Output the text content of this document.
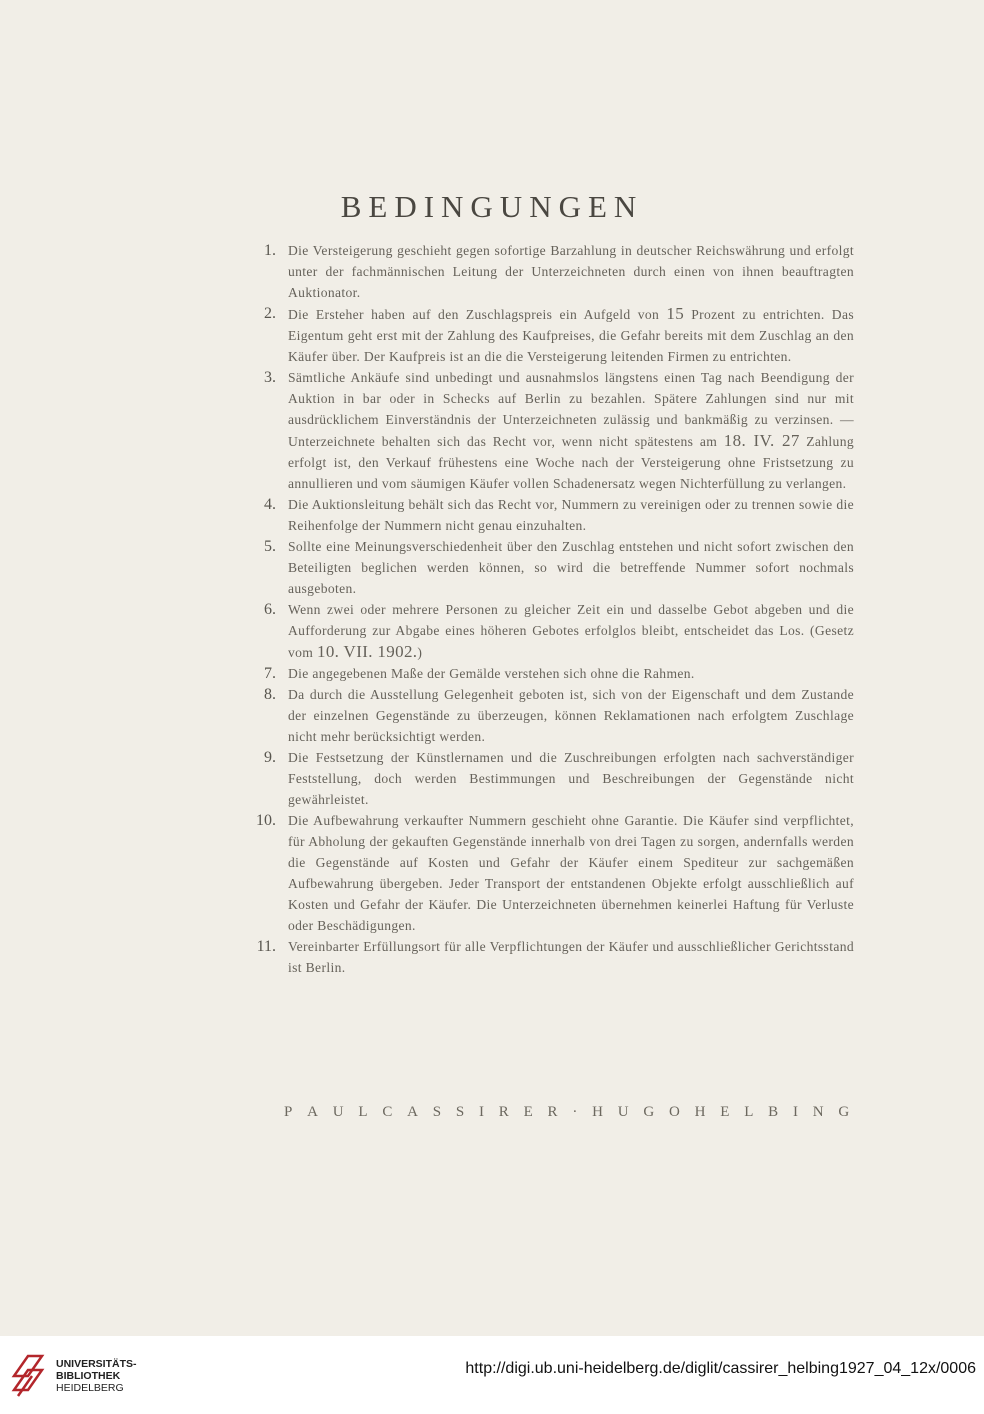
BEDINGUNGEN
1. Die Versteigerung geschieht gegen sofortige Barzahlung in deutscher Reichswährung und erfolgt unter der fachmännischen Leitung der Unterzeichneten durch einen von ihnen beauftragten Auktionator.
2. Die Ersteher haben auf den Zuschlagspreis ein Aufgeld von 15 Prozent zu entrichten. Das Eigentum geht erst mit der Zahlung des Kaufpreises, die Gefahr bereits mit dem Zuschlag an den Käufer über. Der Kaufpreis ist an die die Versteigerung leitenden Firmen zu entrichten.
3. Sämtliche Ankäufe sind unbedingt und ausnahmslos längstens einen Tag nach Beendigung der Auktion in bar oder in Schecks auf Berlin zu bezahlen. Spätere Zahlungen sind nur mit ausdrücklichem Einverständnis der Unterzeichneten zulässig und bankmäßig zu verzinsen. — Unterzeichnete behalten sich das Recht vor, wenn nicht spätestens am 18. IV. 27 Zahlung erfolgt ist, den Verkauf frühestens eine Woche nach der Versteigerung ohne Fristsetzung zu annullieren und vom säumigen Käufer vollen Schadenersatz wegen Nichterfüllung zu verlangen.
4. Die Auktionsleitung behält sich das Recht vor, Nummern zu vereinigen oder zu trennen sowie die Reihenfolge der Nummern nicht genau einzuhalten.
5. Sollte eine Meinungsverschiedenheit über den Zuschlag entstehen und nicht sofort zwischen den Beteiligten beglichen werden können, so wird die betreffende Nummer sofort nochmals ausgeboten.
6. Wenn zwei oder mehrere Personen zu gleicher Zeit ein und dasselbe Gebot abgeben und die Aufforderung zur Abgabe eines höheren Gebotes erfolglos bleibt, entscheidet das Los. (Gesetz vom 10. VII. 1902.)
7. Die angegebenen Maße der Gemälde verstehen sich ohne die Rahmen.
8. Da durch die Ausstellung Gelegenheit geboten ist, sich von der Eigenschaft und dem Zustande der einzelnen Gegenstände zu überzeugen, können Reklamationen nach erfolgtem Zuschlage nicht mehr berücksichtigt werden.
9. Die Festsetzung der Künstlernamen und die Zuschreibungen erfolgten nach sachverständiger Feststellung, doch werden Bestimmungen und Beschreibungen der Gegenstände nicht gewährleistet.
10. Die Aufbewahrung verkaufter Nummern geschieht ohne Garantie. Die Käufer sind verpflichtet, für Abholung der gekauften Gegenstände innerhalb von drei Tagen zu sorgen, andernfalls werden die Gegenstände auf Kosten und Gefahr der Käufer einem Spediteur zur sachgemäßen Aufbewahrung übergeben. Jeder Transport der entstandenen Objekte erfolgt ausschließlich auf Kosten und Gefahr der Käufer. Die Unterzeichneten übernehmen keinerlei Haftung für Verluste oder Beschädigungen.
11. Vereinbarter Erfüllungsort für alle Verpflichtungen der Käufer und ausschließlicher Gerichtsstand ist Berlin.
P A U L C A S S I R E R · H U G O H E L B I N G
UNIVERSITÄTS-
BIBLIOTHEK
HEIDELBERG
http://digi.ub.uni-heidelberg.de/diglit/cassirer_helbing1927_04_12x/0006
